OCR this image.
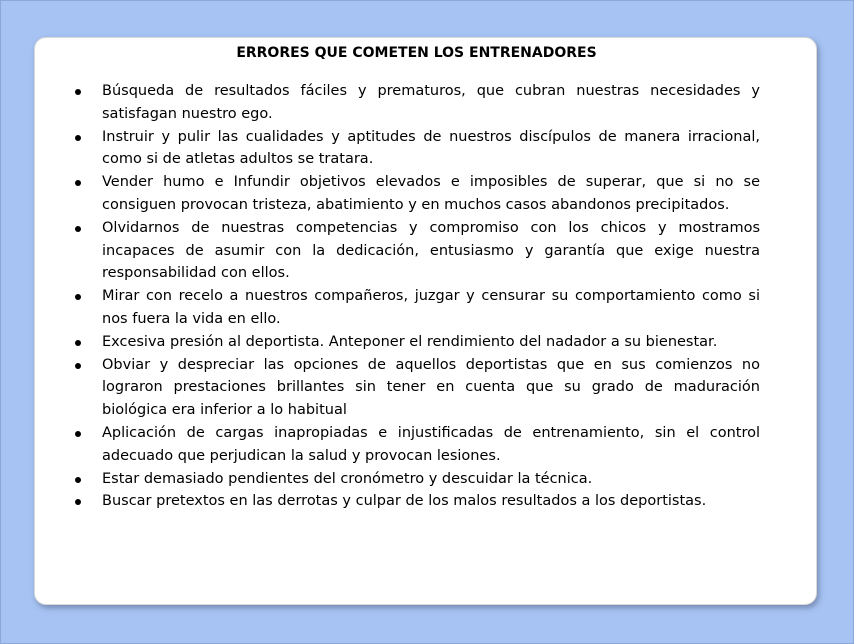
ERRORES QUE COMETEN LOS ENTRENADORES
Búsqueda de resultados fáciles y prematuros, que cubran nuestras necesidades y satisfagan nuestro ego.
Instruir y pulir las cualidades y aptitudes de nuestros discípulos de manera irracional, como si de atletas adultos se tratara.
Vender humo e Infundir objetivos elevados e imposibles de superar, que si no se consiguen provocan tristeza, abatimiento y en muchos casos abandonos precipitados.
Olvidarnos de nuestras competencias y compromiso con los chicos y mostramos incapaces de asumir con la dedicación, entusiasmo y garantía que exige nuestra responsabilidad con ellos.
Mirar con recelo a nuestros compañeros, juzgar y censurar su comportamiento como si nos fuera la vida en ello.
Excesiva presión al deportista. Anteponer el rendimiento del nadador a su bienestar.
Obviar y despreciar las opciones de aquellos deportistas que en sus comienzos no lograron prestaciones brillantes sin tener en cuenta que su grado de maduración biológica era inferior a lo habitual
Aplicación de cargas inapropiadas e injustificadas de entrenamiento, sin el control adecuado que perjudican la salud y provocan lesiones.
Estar demasiado pendientes del cronómetro y descuidar la técnica.
Buscar pretextos en las derrotas y culpar de los malos resultados a los deportistas.
